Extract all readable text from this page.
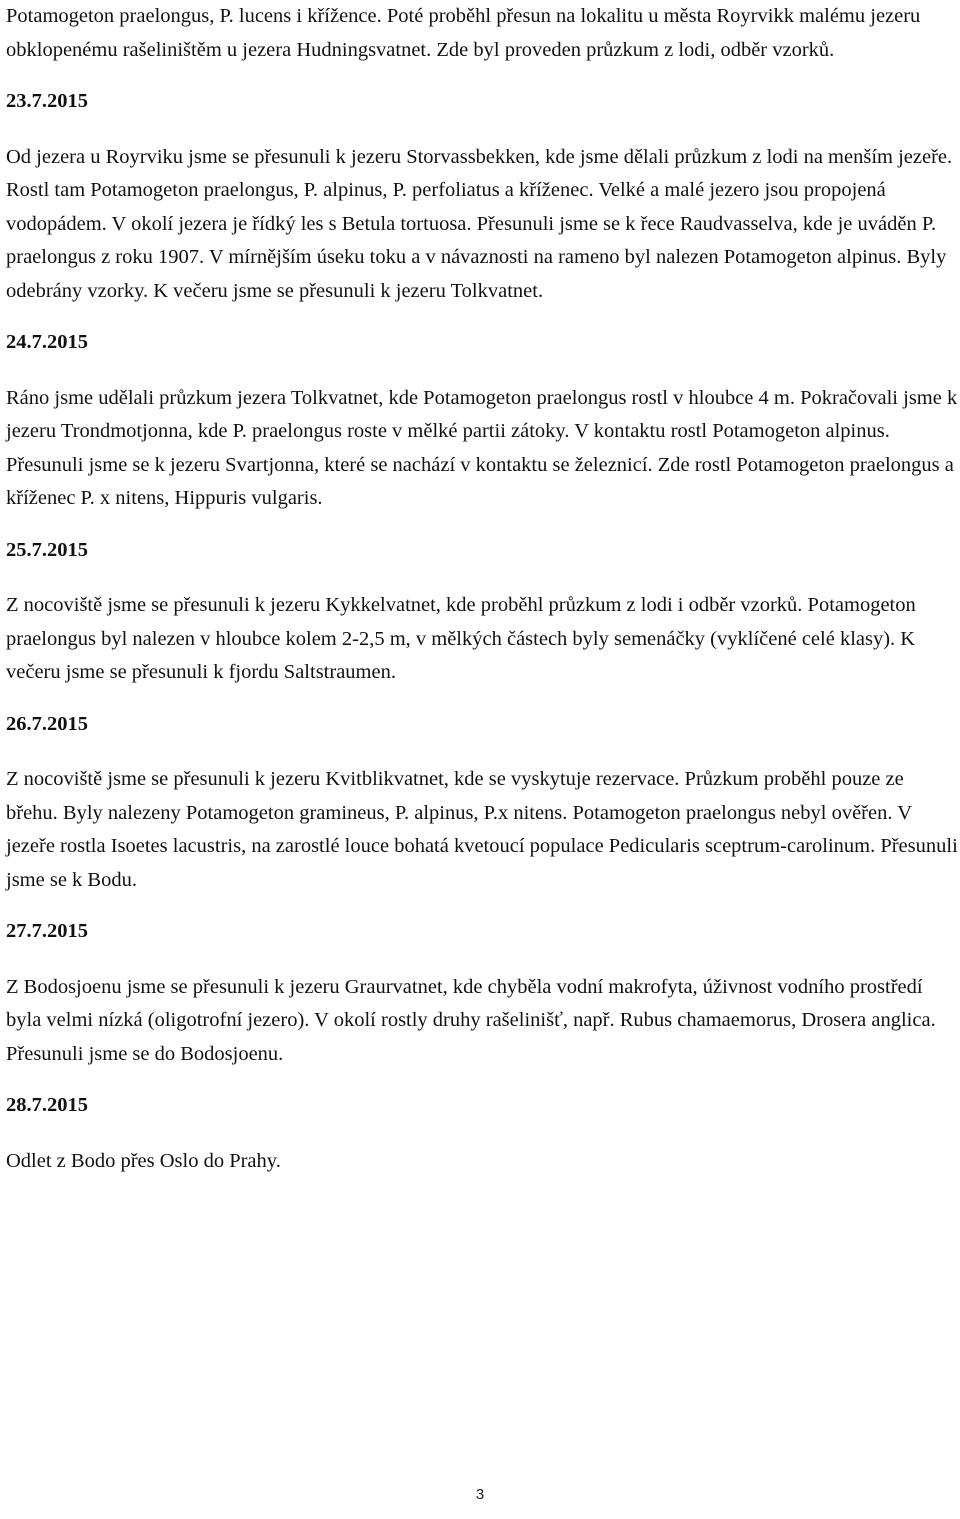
Potamogeton praelongus, P. lucens i křížence. Poté proběhl přesun na lokalitu u města Royrvikk malému jezeru obklopenému rašeliništěm u jezera Hudningsvatnet. Zde byl proveden průzkum z lodi, odběr vzorků.

23.7.2015

Od jezera u Royrviku jsme se přesunuli k jezeru Storvassbekken, kde jsme dělali průzkum z lodi na menším jezeře. Rostl tam Potamogeton praelongus, P. alpinus, P. perfoliatus a kříženec. Velké a malé jezero jsou propojená vodopádem. V okolí jezera je řídký les s Betula tortuosa. Přesunuli jsme se k řece Raudvasselva, kde je uváděn P. praelongus z roku 1907. V mírnějším úseku toku a v návaznosti na rameno byl nalezen Potamogeton alpinus. Byly odebrány vzorky. K večeru jsme se přesunuli k jezeru Tolkvatnet.

24.7.2015

Ráno jsme udělali průzkum jezera Tolkvatnet, kde Potamogeton praelongus rostl v hloubce 4 m. Pokračovali jsme k jezeru Trondmotjonna, kde P. praelongus roste v mělké partii zátoky. V kontaktu rostl Potamogeton alpinus. Přesunuli jsme se k jezeru Svartjonna, které se nachází v kontaktu se železnicí. Zde rostl Potamogeton praelongus a kříženec P. x nitens, Hippuris vulgaris.

25.7.2015

Z nocoviště jsme se přesunuli k jezeru Kykkelvatnet, kde proběhl průzkum z lodi i odběr vzorků. Potamogeton praelongus byl nalezen v hloubce kolem 2-2,5 m, v mělkých částech byly semenáčky (vyklíčené celé klasy). K večeru jsme se přesunuli k fjordu Saltstraumen.

26.7.2015

Z nocoviště jsme se přesunuli k jezeru Kvitblikvatnet, kde se vyskytuje rezervace. Průzkum proběhl pouze ze břehu. Byly nalezeny Potamogeton gramineus, P. alpinus, P.x nitens. Potamogeton praelongus nebyl ověřen. V jezeře rostla Isoetes lacustris, na zarostlé louce bohatá kvetoucí populace Pedicularis sceptrum-carolinum. Přesunuli jsme se k Bodu.

27.7.2015

Z Bodosjoenu jsme se přesunuli k jezeru Graurvatnet, kde chyběla vodní makrofyta, úživnost vodního prostředí byla velmi nízká (oligotrofní jezero). V okolí rostly druhy rašelinišť, např. Rubus chamaemorus, Drosera anglica. Přesunuli jsme se do Bodosjoenu.

28.7.2015

Odlet z Bodo přes Oslo do Prahy.

3
